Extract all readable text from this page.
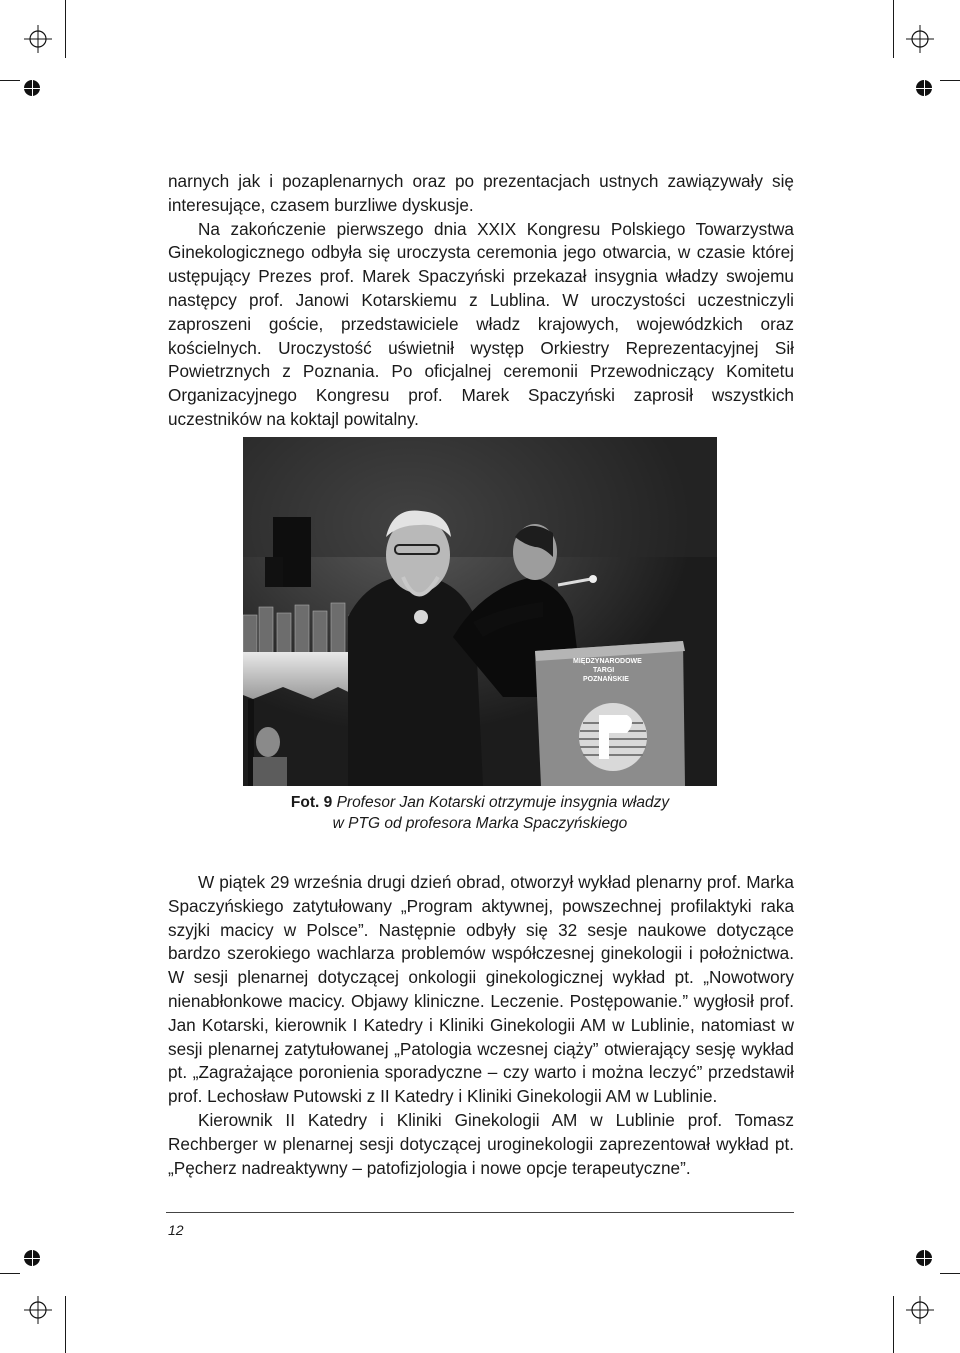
narnych jak i pozaplenarnych oraz po prezentacjach ustnych zawiązywały się interesujące, czasem burzliwe dyskusje.

Na zakończenie pierwszego dnia XXIX Kongresu Polskiego Towarzystwa Ginekologicznego odbyła się uroczysta ceremonia jego otwarcia, w czasie której ustępujący Prezes prof. Marek Spaczyński przekazał insygnia władzy swojemu następcy prof. Janowi Kotarskiemu z Lublina. W uroczystości uczestniczyli zaproszeni goście, przedstawiciele władz krajowych, wojewódzkich oraz kościelnych. Uroczystość uświetnił występ Orkiestry Reprezentacyjnej Sił Powietrznych z Poznania. Po oficjalnej ceremonii Przewodniczący Komitetu Organizacyjnego Kongresu prof. Marek Spaczyński zaprosił wszystkich uczestników na koktajl powitalny.

MIĘDZYNARODOWE
TARGI
POZNAŃSKIE
Fot. 9 Profesor Jan Kotarski otrzymuje insygnia władzy
w PTG od profesora Marka Spaczyńskiego

W piątek 29 września drugi dzień obrad, otworzył wykład plenarny prof. Marka Spaczyńskiego zatytułowany „Program aktywnej, powszechnej profilaktyki raka szyjki macicy w Polsce”. Następnie odbyły się 32 sesje naukowe dotyczące bardzo szerokiego wachlarza problemów współczesnej ginekologii i położnictwa. W sesji plenarnej dotyczącej onkologii ginekologicznej wykład pt. „Nowotwory nienabłonkowe macicy. Objawy kliniczne. Leczenie. Postępowanie.” wygłosił prof. Jan Kotarski, kierownik I Katedry i Kliniki Ginekologii AM w Lublinie, natomiast w sesji plenarnej zatytułowanej „Patologia wczesnej ciąży” otwierający sesję wykład pt. „Zagrażające poronienia sporadyczne – czy warto i można leczyć” przedstawił prof. Lechosław Putowski z II Katedry i Kliniki Ginekologii AM w Lublinie.

Kierownik II Katedry i Kliniki Ginekologii AM w Lublinie prof. Tomasz Rechberger w plenarnej sesji dotyczącej uroginekologii zaprezentował wykład pt. „Pęcherz nadreaktywny – patofizjologia i nowe opcje terapeutyczne”.

12
